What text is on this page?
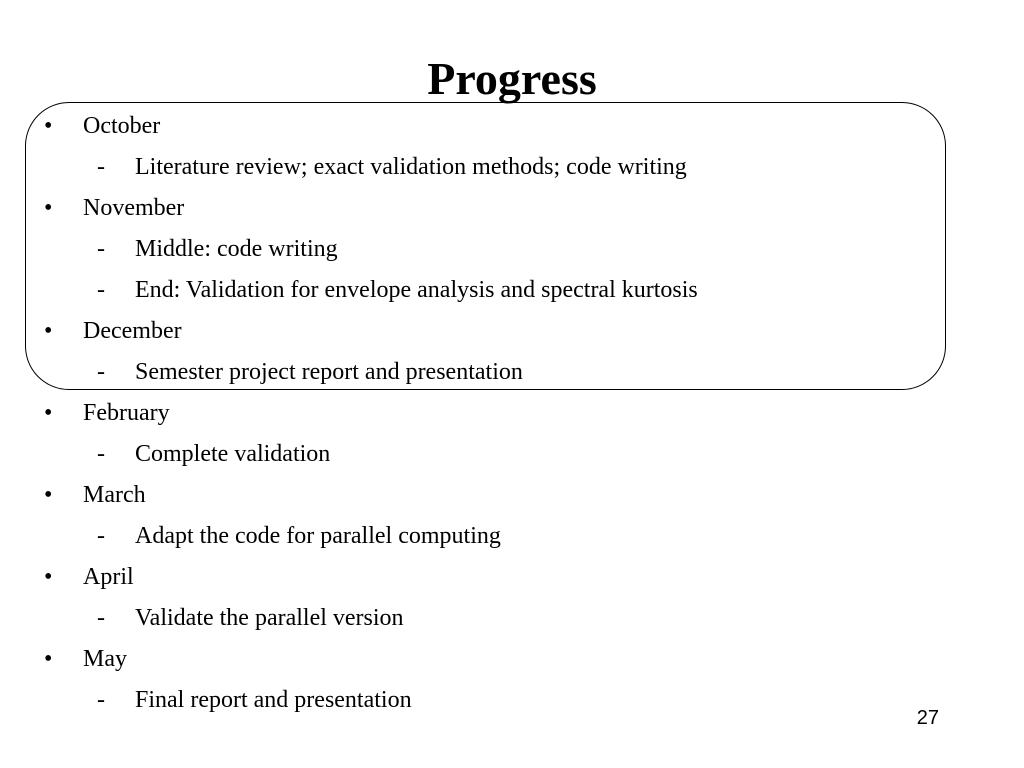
Progress
•	October
-	Literature review; exact validation methods; code writing
•	November
-	Middle: code writing
-	End: Validation for envelope analysis and spectral kurtosis
•	December
-	Semester project report and presentation
•	February
-	Complete validation
•	March
-	Adapt the code for parallel computing
•	April
-	Validate the parallel version
•	May
-	Final report and presentation
27
